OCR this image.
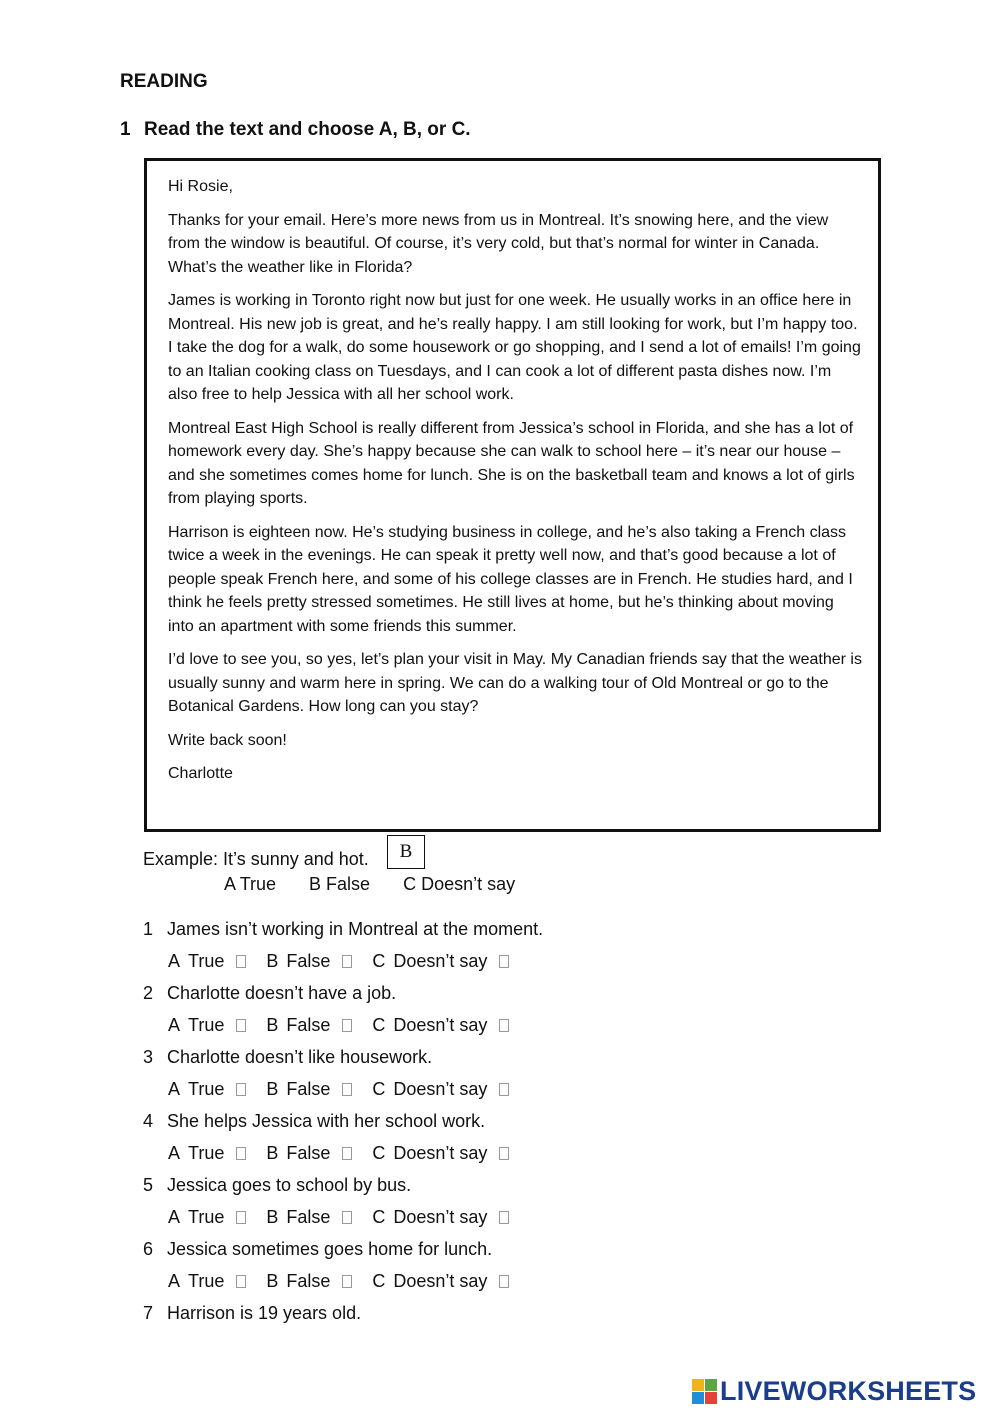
READING
1 Read the text and choose A, B, or C.

Hi Rosie,

Thanks for your email. Here’s more news from us in Montreal. It’s snowing here, and the view from the window is beautiful. Of course, it’s very cold, but that’s normal for winter in Canada. What’s the weather like in Florida?

James is working in Toronto right now but just for one week. He usually works in an office here in Montreal. His new job is great, and he’s really happy. I am still looking for work, but I’m happy too. I take the dog for a walk, do some housework or go shopping, and I send a lot of emails! I’m going to an Italian cooking class on Tuesdays, and I can cook a lot of different pasta dishes now. I’m also free to help Jessica with all her school work.

Montreal East High School is really different from Jessica’s school in Florida, and she has a lot of homework every day. She’s happy because she can walk to school here – it’s near our house – and she sometimes comes home for lunch. She is on the basketball team and knows a lot of girls from playing sports.

Harrison is eighteen now. He’s studying business in college, and he’s also taking a French class twice a week in the evenings. He can speak it pretty well now, and that’s good because a lot of people speak French here, and some of his college classes are in French. He studies hard, and I think he feels pretty stressed sometimes. He still lives at home, but he’s thinking about moving into an apartment with some friends this summer.

I’d love to see you, so yes, let’s plan your visit in May. My Canadian friends say that the weather is usually sunny and warm here in spring. We can do a walking tour of Old Montreal or go to the Botanical Gardens. How long can you stay?

Write back soon!

Charlotte

Example: It’s sunny and hot.	B
A True B False C Doesn’t say
1 James isn’t working in Montreal at the moment.
A True B False C Doesn’t say
2 Charlotte doesn’t have a job.
A True B False C Doesn’t say
3 Charlotte doesn’t like housework.
A True B False C Doesn’t say
4 She helps Jessica with her school work.
A True B False C Doesn’t say
5 Jessica goes to school by bus.
A True B False C Doesn’t say
6 Jessica sometimes goes home for lunch.
A True B False C Doesn’t say
7 Harrison is 19 years old.
LIVEWORKSHEETS
